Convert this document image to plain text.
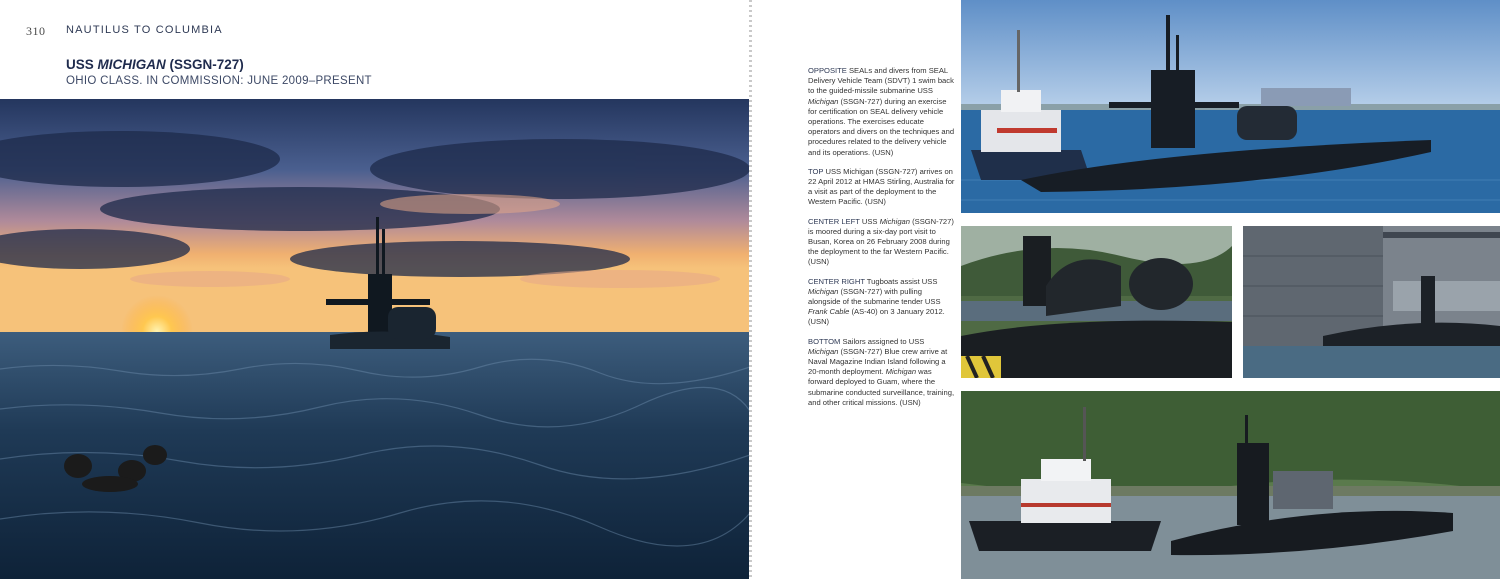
310 NAUTILUS TO COLUMBIA
USS MICHIGAN (SSGN-727)
OHIO CLASS. IN COMMISSION: JUNE 2009–PRESENT

OPPOSITE SEALs and divers from SEAL Delivery Vehicle Team (SDVT) 1 swim back to the guided-missile submarine USS Michigan (SSGN-727) during an exercise for certification on SEAL delivery vehicle operations. The exercises educate operators and divers on the techniques and procedures related to the delivery vehicle and its operations. (USN)

TOP USS Michigan (SSGN-727) arrives on 22 April 2012 at HMAS Stirling, Australia for a visit as part of the deployment to the Western Pacific. (USN)

CENTER LEFT USS Michigan (SSGN-727) is moored during a six-day port visit to Busan, Korea on 26 February 2008 during the deployment to the far Western Pacific. (USN)

CENTER RIGHT Tugboats assist USS Michigan (SSGN-727) with pulling alongside of the submarine tender USS Frank Cable (AS-40) on 3 January 2012. (USN)

BOTTOM Sailors assigned to USS Michigan (SSGN-727) Blue crew arrive at Naval Magazine Indian Island following a 20-month deployment. Michigan was forward deployed to Guam, where the submarine conducted surveillance, training, and other critical missions. (USN)
